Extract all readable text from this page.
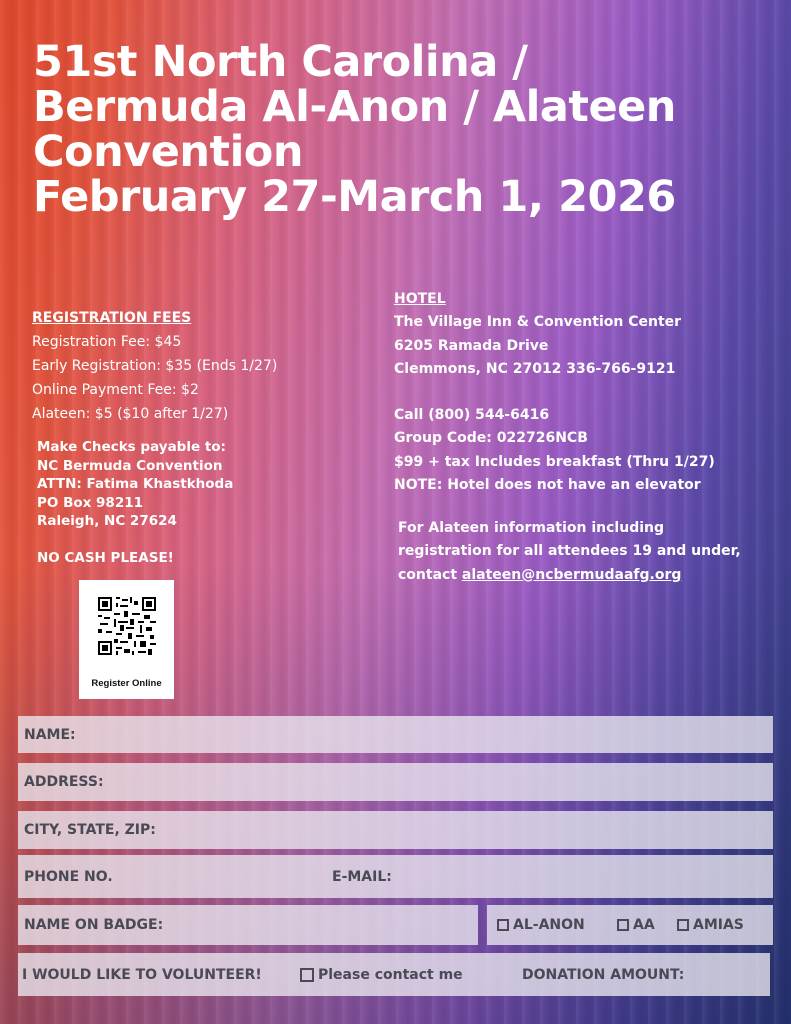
51st North Carolina /
Bermuda Al-Anon / Alateen
Convention
February 27-March 1, 2026
REGISTRATION FEES
Registration Fee: $45
Early Registration: $35 (Ends 1/27)
Online Payment Fee: $2
Alateen: $5 ($10 after 1/27)
Make Checks payable to:
NC Bermuda Convention
ATTN: Fatima Khastkhoda
PO Box 98211
Raleigh, NC 27624
NO CASH PLEASE!
Register Online
HOTEL
The Village Inn & Convention Center
6205 Ramada Drive
Clemmons, NC 27012 336-766-9121
Call (800) 544-6416
Group Code: 022726NCB
$99 + tax Includes breakfast (Thru 1/27)
NOTE: Hotel does not have an elevator
For Alateen information including
registration for all attendees 19 and under,
contact alateen@ncbermudaafg.org
NAME:
ADDRESS:
CITY, STATE, ZIP:
PHONE NO.	E-MAIL:
NAME ON BADGE:	AL-ANON	AA	AMIAS
I WOULD LIKE TO VOLUNTEER!	Please contact me	DONATION AMOUNT:
